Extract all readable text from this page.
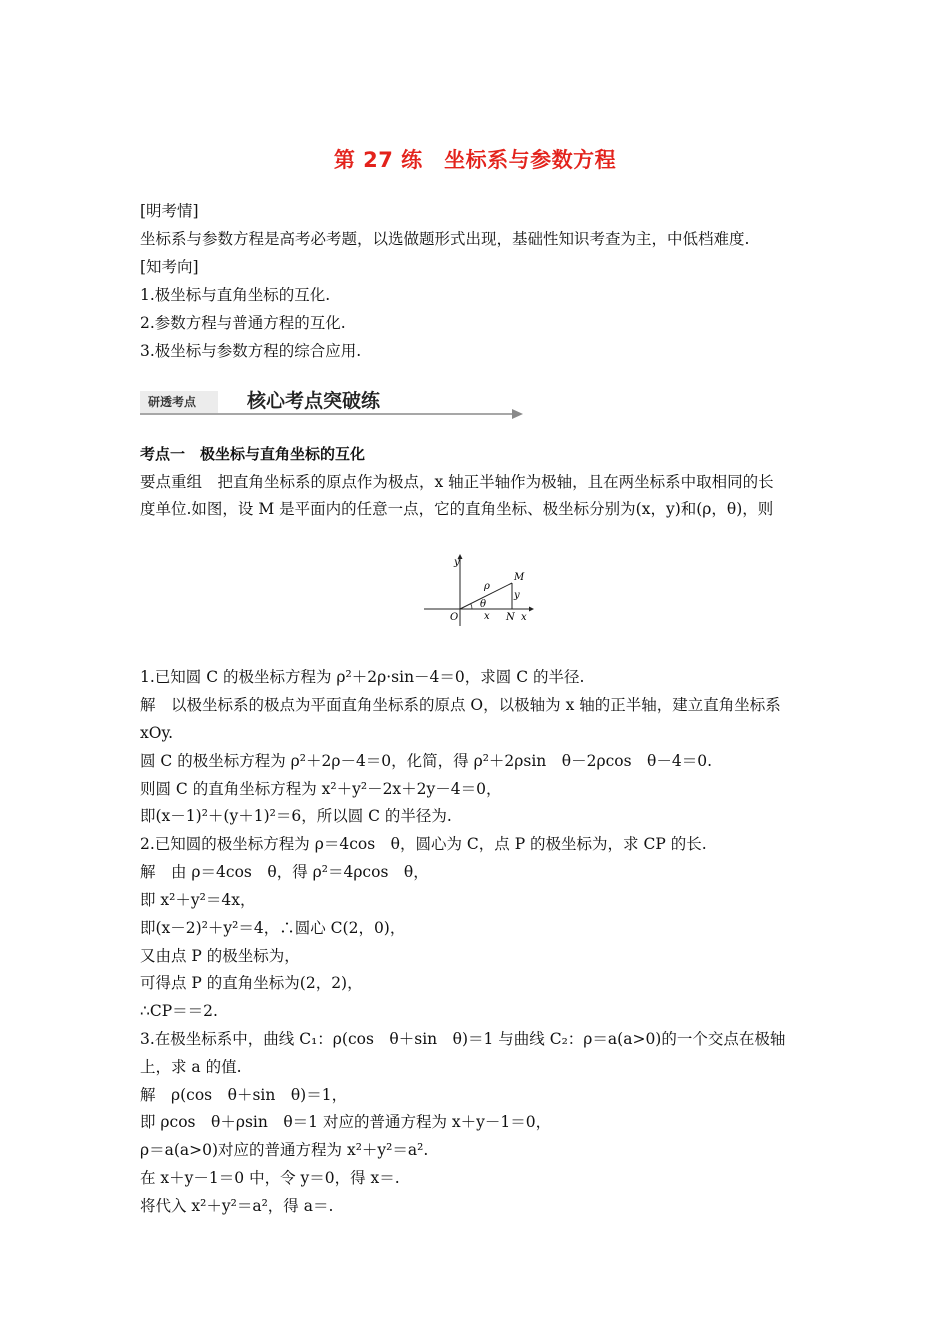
第 27 练　坐标系与参数方程
[明考情]
坐标系与参数方程是高考必考题，以选做题形式出现，基础性知识考查为主，中低档难度.
[知考向]
1.极坐标与直角坐标的互化.
2.参数方程与普通方程的互化.
3.极坐标与参数方程的综合应用.
研透考点	核心考点突破练
考点一　极坐标与直角坐标的互化
要点重组　把直角坐标系的原点作为极点，x 轴正半轴作为极轴，且在两坐标系中取相同的长
度单位.如图，设 M 是平面内的任意一点，它的直角坐标、极坐标分别为(x，y)和(ρ，θ)，则
y
O
M
N x
ρ
θ
x
y
1.已知圆 C 的极坐标方程为 ρ²＋2ρ·sin－4＝0，求圆 C 的半径.
解　以极坐标系的极点为平面直角坐标系的原点 O，以极轴为 x 轴的正半轴，建立直角坐标系
xOy.
圆 C 的极坐标方程为 ρ²＋2ρ－4＝0，化简，得 ρ²＋2ρsin　θ－2ρcos　θ－4＝0.
则圆 C 的直角坐标方程为 x²＋y²－2x＋2y－4＝0，
即(x－1)²＋(y＋1)²＝6，所以圆 C 的半径为.
2.已知圆的极坐标方程为 ρ＝4cos　θ，圆心为 C，点 P 的极坐标为，求 CP 的长.
解　由 ρ＝4cos　θ，得 ρ²＝4ρcos　θ，
即 x²＋y²＝4x，
即(x－2)²＋y²＝4，∴圆心 C(2，0)，
又由点 P 的极坐标为，
可得点 P 的直角坐标为(2，2)，
∴CP＝＝2.
3.在极坐标系中，曲线 C₁：ρ(cos　θ＋sin　θ)＝1 与曲线 C₂：ρ＝a(a>0)的一个交点在极轴
上，求 a 的值.
解　ρ(cos　θ＋sin　θ)＝1，
即 ρcos　θ＋ρsin　θ＝1 对应的普通方程为 x＋y－1＝0，
ρ＝a(a>0)对应的普通方程为 x²＋y²＝a².
在 x＋y－1＝0 中，令 y＝0，得 x＝.
将代入 x²＋y²＝a²，得 a＝.
